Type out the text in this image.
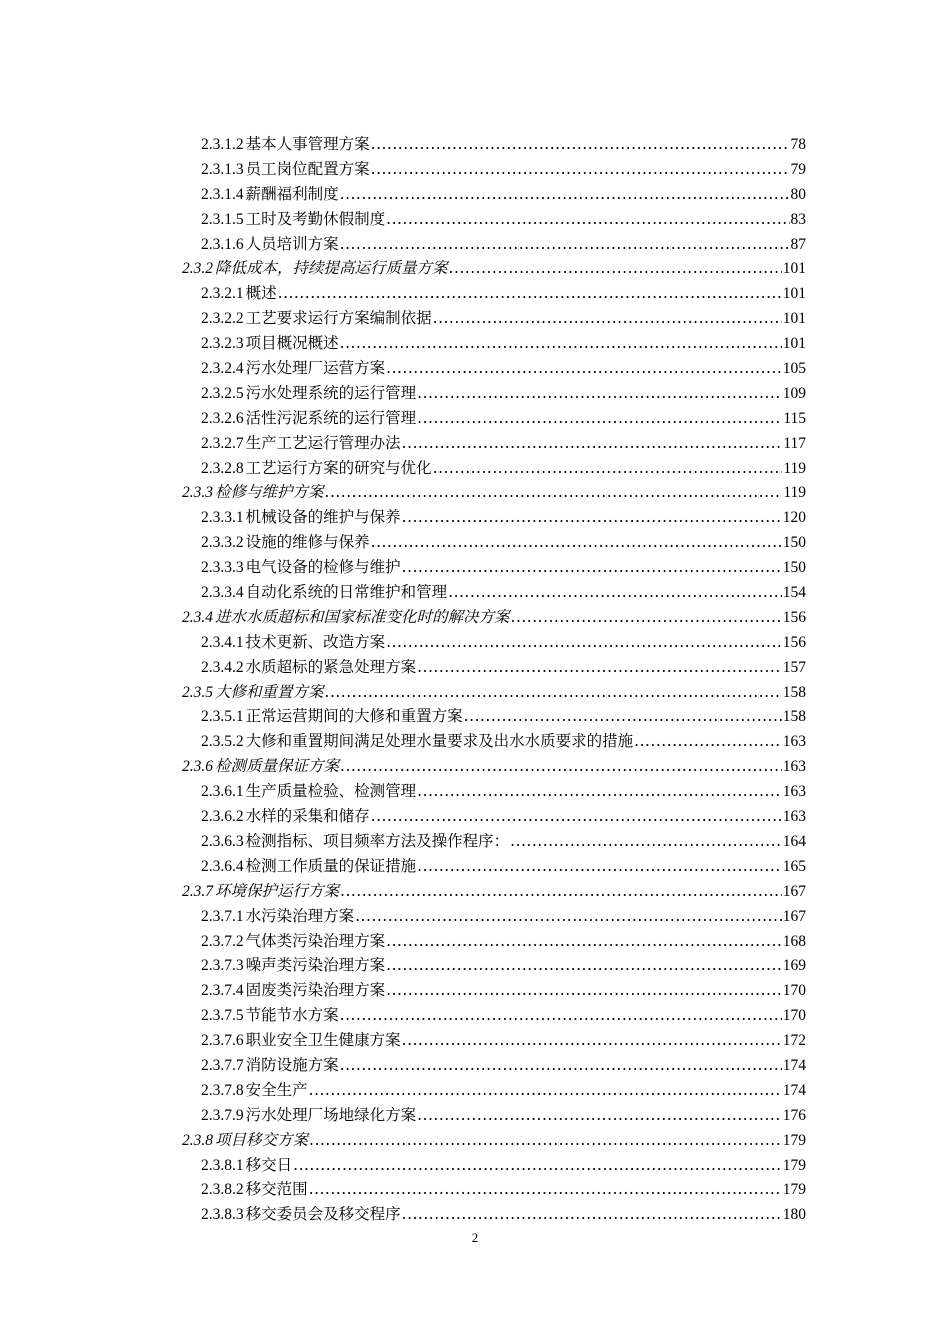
2.3.1.2 基本人事管理方案 .....	78
2.3.1.3 员工岗位配置方案 .....	79
2.3.1.4 薪酬福利制度 .....	80
2.3.1.5 工时及考勤休假制度 .....	83
2.3.1.6 人员培训方案 .....	87
2.3.2 降低成本，持续提高运行质量方案 .....	101
2.3.2.1 概述 .....	101
2.3.2.2 工艺要求运行方案编制依据 .....	101
2.3.2.3 项目概况概述 .....	101
2.3.2.4 污水处理厂运营方案 .....	105
2.3.2.5 污水处理系统的运行管理 .....	109
2.3.2.6 活性污泥系统的运行管理 .....	115
2.3.2.7 生产工艺运行管理办法 .....	117
2.3.2.8 工艺运行方案的研究与优化 .....	119
2.3.3 检修与维护方案 .....	119
2.3.3.1 机械设备的维护与保养 .....	120
2.3.3.2 设施的维修与保养 .....	150
2.3.3.3 电气设备的检修与维护 .....	150
2.3.3.4 自动化系统的日常维护和管理 .....	154
2.3.4 进水水质超标和国家标准变化时的解决方案 .....	156
2.3.4.1 技术更新、改造方案 .....	156
2.3.4.2 水质超标的紧急处理方案 .....	157
2.3.5 大修和重置方案 .....	158
2.3.5.1 正常运营期间的大修和重置方案 .....	158
2.3.5.2 大修和重置期间满足处理水量要求及出水水质要求的措施 .....	163
2.3.6 检测质量保证方案 .....	163
2.3.6.1 生产质量检验、检测管理 .....	163
2.3.6.2 水样的采集和储存 .....	163
2.3.6.3 检测指标、项目频率方法及操作程序： .....	164
2.3.6.4 检测工作质量的保证措施 .....	165
2.3.7 环境保护运行方案 .....	167
2.3.7.1 水污染治理方案 .....	167
2.3.7.2 气体类污染治理方案 .....	168
2.3.7.3 噪声类污染治理方案 .....	169
2.3.7.4 固废类污染治理方案 .....	170
2.3.7.5 节能节水方案 .....	170
2.3.7.6 职业安全卫生健康方案 .....	172
2.3.7.7 消防设施方案 .....	174
2.3.7.8 安全生产 .....	174
2.3.7.9 污水处理厂场地绿化方案 .....	176
2.3.8 项目移交方案 .....	179
2.3.8.1 移交日 .....	179
2.3.8.2 移交范围 .....	179
2.3.8.3 移交委员会及移交程序 .....	180
2
